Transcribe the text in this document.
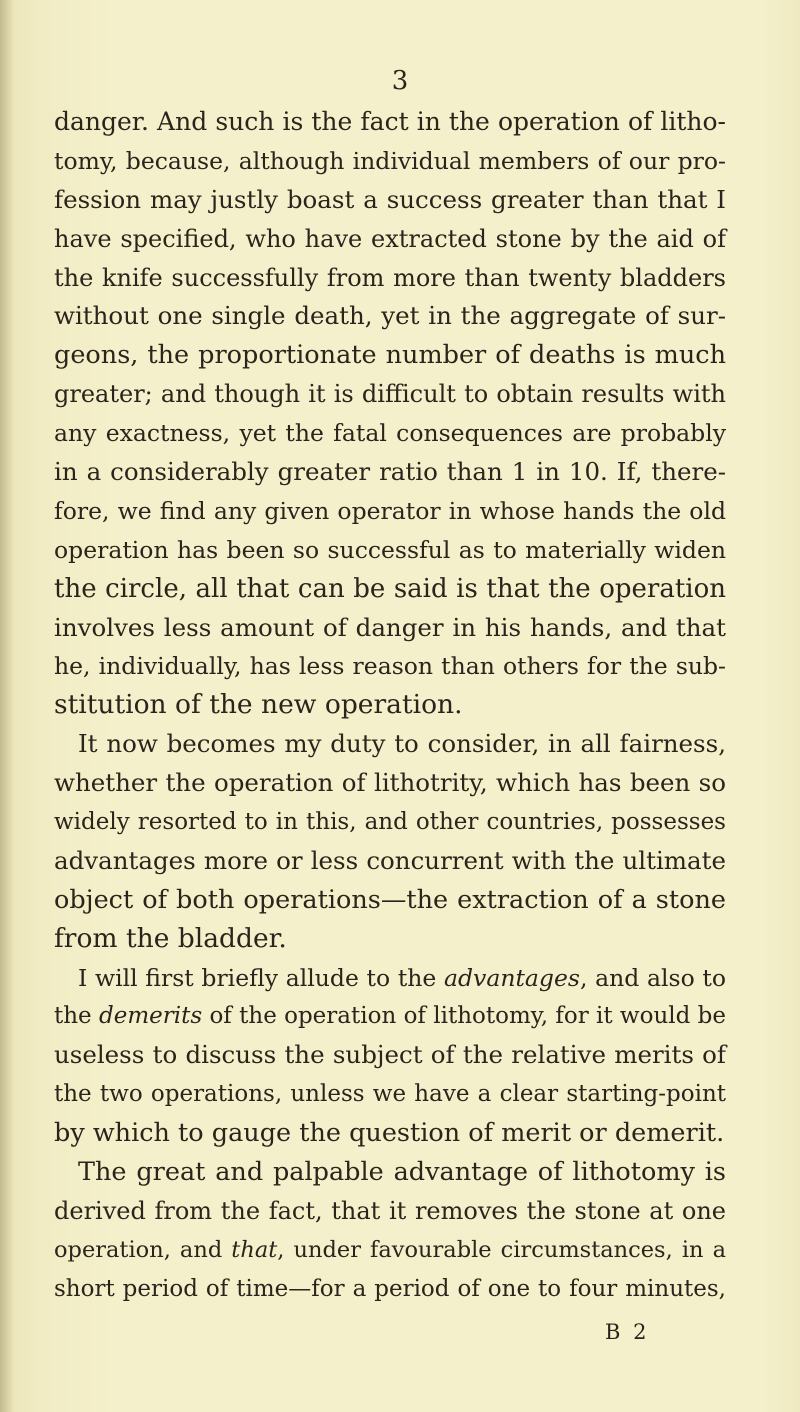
3
danger. And such is the fact in the operation of litho-
tomy, because, although individual members of our pro-
fession may justly boast a success greater than that I
have specified, who have extracted stone by the aid of
the knife successfully from more than twenty bladders
without one single death, yet in the aggregate of sur-
geons, the proportionate number of deaths is much
greater; and though it is difficult to obtain results with
any exactness, yet the fatal consequences are probably
in a considerably greater ratio than 1 in 10. If, there-
fore, we find any given operator in whose hands the old
operation has been so successful as to materially widen
the circle, all that can be said is that the operation
involves less amount of danger in his hands, and that
he, individually, has less reason than others for the sub-
stitution of the new operation.
It now becomes my duty to consider, in all fairness,
whether the operation of lithotrity, which has been so
widely resorted to in this, and other countries, possesses
advantages more or less concurrent with the ultimate
object of both operations—the extraction of a stone
from the bladder.
I will first briefly allude to the advantages, and also to
the demerits of the operation of lithotomy, for it would be
useless to discuss the subject of the relative merits of
the two operations, unless we have a clear starting-point
by which to gauge the question of merit or demerit.
The great and palpable advantage of lithotomy is
derived from the fact, that it removes the stone at one
operation, and that, under favourable circumstances, in a
short period of time—for a period of one to four minutes,
B 2
